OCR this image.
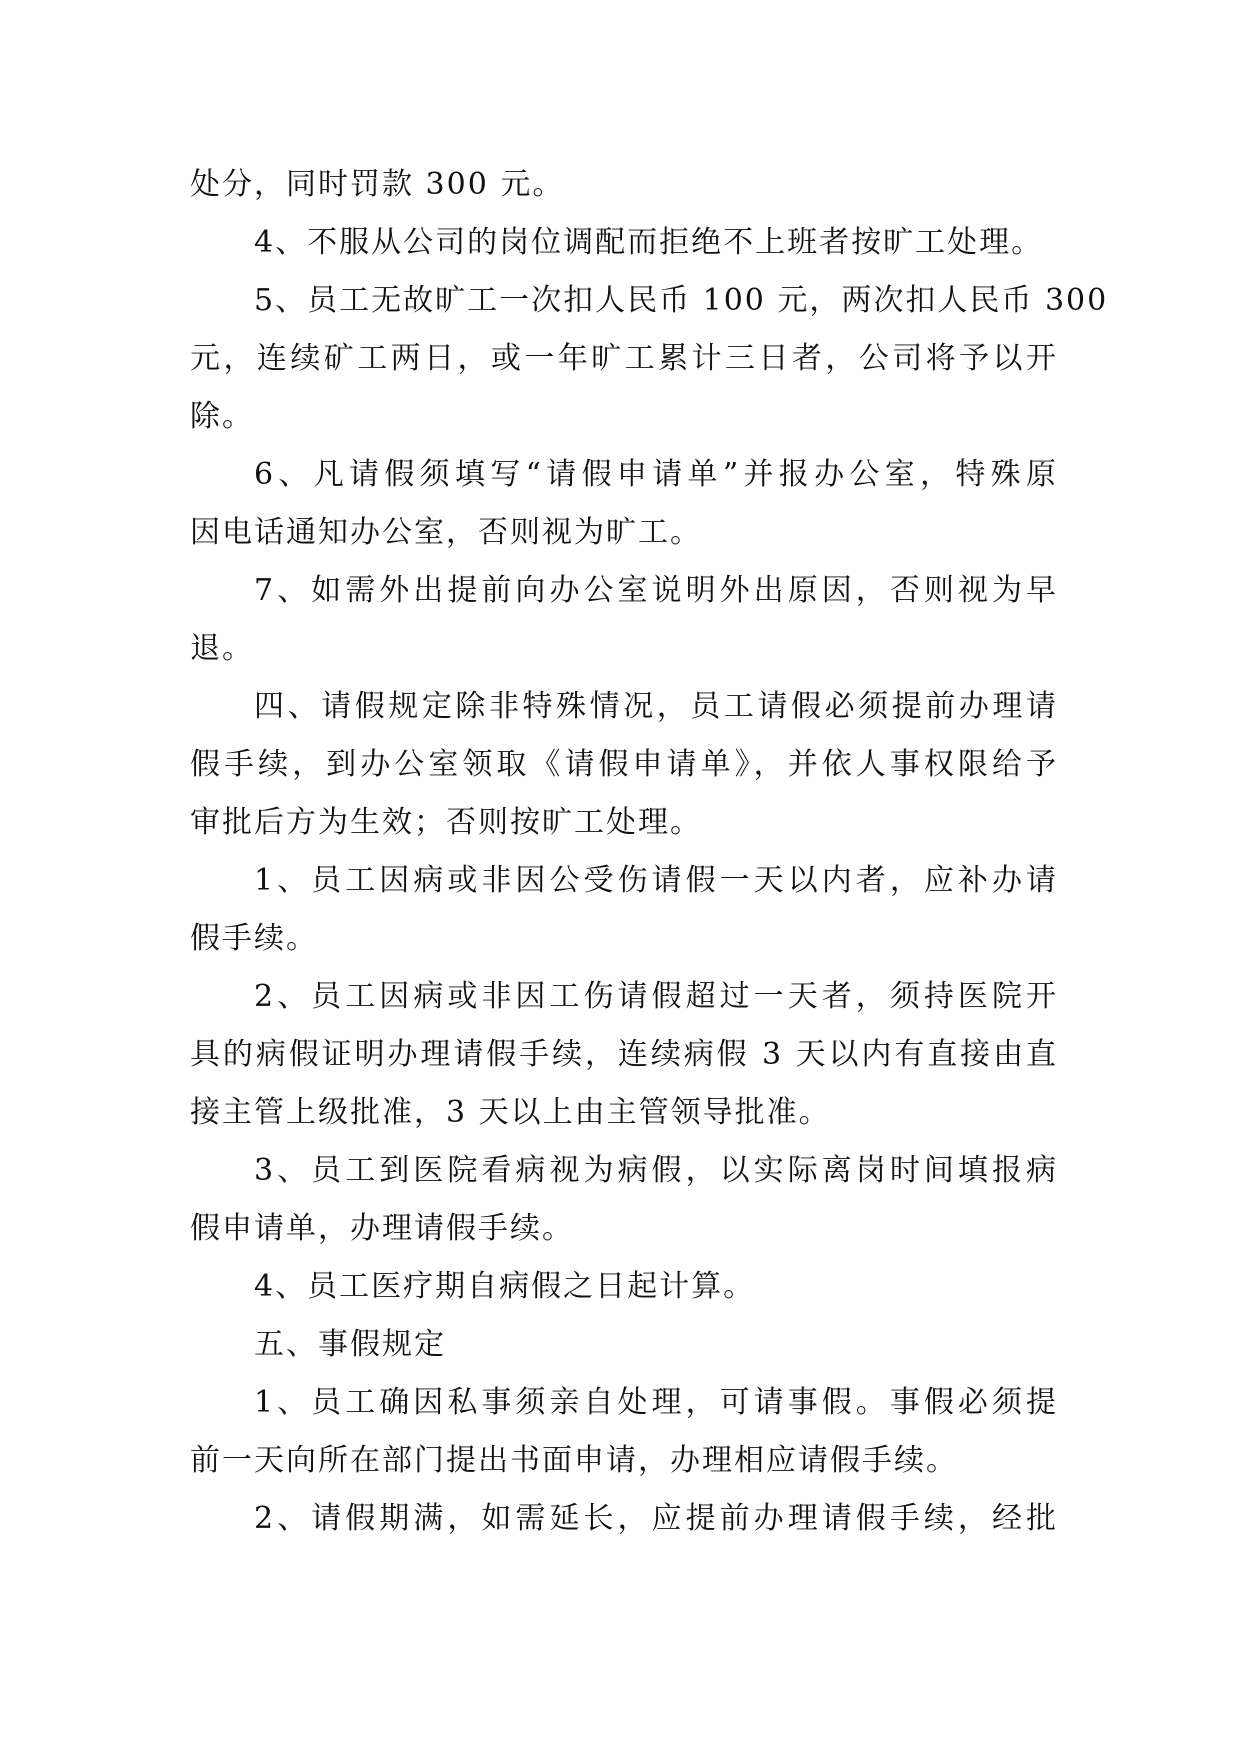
处分，同时罚款 300 元。
4、不服从公司的岗位调配而拒绝不上班者按旷工处理。
5、员工无故旷工一次扣人民币 100 元，两次扣人民币 300
元，连续矿工两日，或一年旷工累计三日者，公司将予以开
除。
6、凡请假须填写“请假申请单”并报办公室，特殊原
因电话通知办公室，否则视为旷工。
7、如需外出提前向办公室说明外出原因，否则视为早
退。
四、请假规定除非特殊情况，员工请假必须提前办理请
假手续，到办公室领取《请假申请单》，并依人事权限给予
审批后方为生效；否则按旷工处理。
1、员工因病或非因公受伤请假一天以内者，应补办请
假手续。
2、员工因病或非因工伤请假超过一天者，须持医院开
具的病假证明办理请假手续，连续病假 3 天以内有直接由直
接主管上级批准，3 天以上由主管领导批准。
3、员工到医院看病视为病假，以实际离岗时间填报病
假申请单，办理请假手续。
4、员工医疗期自病假之日起计算。
五、事假规定
1、员工确因私事须亲自处理，可请事假。事假必须提
前一天向所在部门提出书面申请，办理相应请假手续。
2、请假期满，如需延长，应提前办理请假手续，经批
